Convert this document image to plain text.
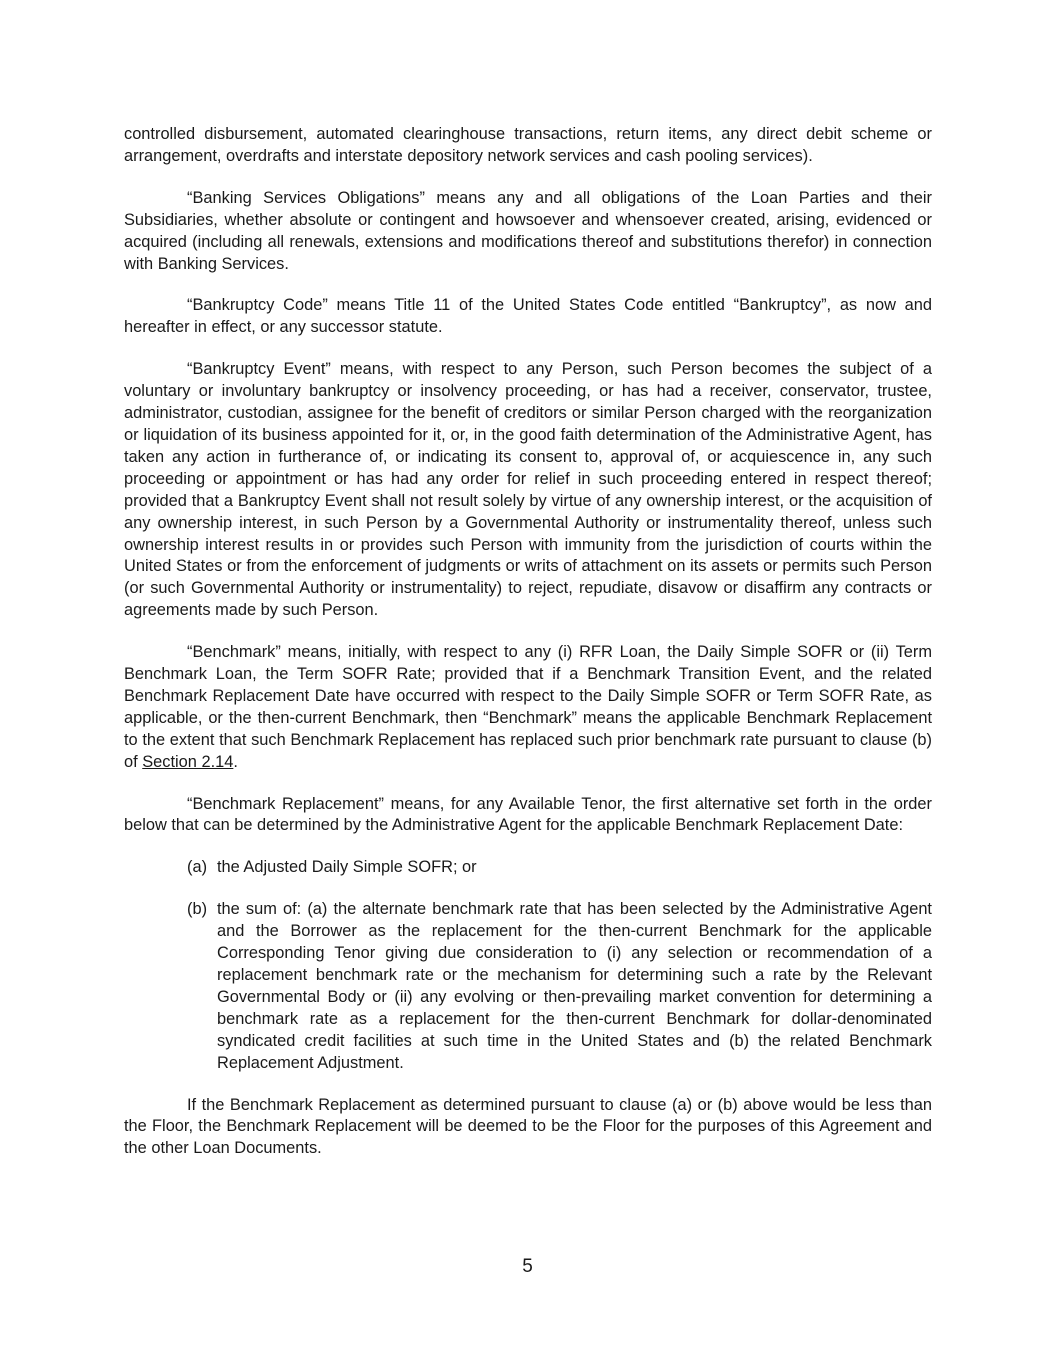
controlled disbursement, automated clearinghouse transactions, return items, any direct debit scheme or arrangement, overdrafts and interstate depository network services and cash pooling services).

“Banking Services Obligations” means any and all obligations of the Loan Parties and their Subsidiaries, whether absolute or contingent and howsoever and whensoever created, arising, evidenced or acquired (including all renewals, extensions and modifications thereof and substitutions therefor) in connection with Banking Services.

“Bankruptcy Code” means Title 11 of the United States Code entitled “Bankruptcy”, as now and hereafter in effect, or any successor statute.

“Bankruptcy Event” means, with respect to any Person, such Person becomes the subject of a voluntary or involuntary bankruptcy or insolvency proceeding, or has had a receiver, conservator, trustee, administrator, custodian, assignee for the benefit of creditors or similar Person charged with the reorganization or liquidation of its business appointed for it, or, in the good faith determination of the Administrative Agent, has taken any action in furtherance of, or indicating its consent to, approval of, or acquiescence in, any such proceeding or appointment or has had any order for relief in such proceeding entered in respect thereof; provided that a Bankruptcy Event shall not result solely by virtue of any ownership interest, or the acquisition of any ownership interest, in such Person by a Governmental Authority or instrumentality thereof, unless such ownership interest results in or provides such Person with immunity from the jurisdiction of courts within the United States or from the enforcement of judgments or writs of attachment on its assets or permits such Person (or such Governmental Authority or instrumentality) to reject, repudiate, disavow or disaffirm any contracts or agreements made by such Person.

“Benchmark” means, initially, with respect to any (i) RFR Loan, the Daily Simple SOFR or (ii) Term Benchmark Loan, the Term SOFR Rate; provided that if a Benchmark Transition Event, and the related Benchmark Replacement Date have occurred with respect to the Daily Simple SOFR or Term SOFR Rate, as applicable, or the then-current Benchmark, then “Benchmark” means the applicable Benchmark Replacement to the extent that such Benchmark Replacement has replaced such prior benchmark rate pursuant to clause (b) of Section 2.14.

“Benchmark Replacement” means, for any Available Tenor, the first alternative set forth in the order below that can be determined by the Administrative Agent for the applicable Benchmark Replacement Date:

(a) the Adjusted Daily Simple SOFR; or
(b) the sum of: (a) the alternate benchmark rate that has been selected by the Administrative Agent and the Borrower as the replacement for the then-current Benchmark for the applicable Corresponding Tenor giving due consideration to (i) any selection or recommendation of a replacement benchmark rate or the mechanism for determining such a rate by the Relevant Governmental Body or (ii) any evolving or then-prevailing market convention for determining a benchmark rate as a replacement for the then-current Benchmark for dollar-denominated syndicated credit facilities at such time in the United States and (b) the related Benchmark Replacement Adjustment.

If the Benchmark Replacement as determined pursuant to clause (a) or (b) above would be less than the Floor, the Benchmark Replacement will be deemed to be the Floor for the purposes of this Agreement and the other Loan Documents.

5
